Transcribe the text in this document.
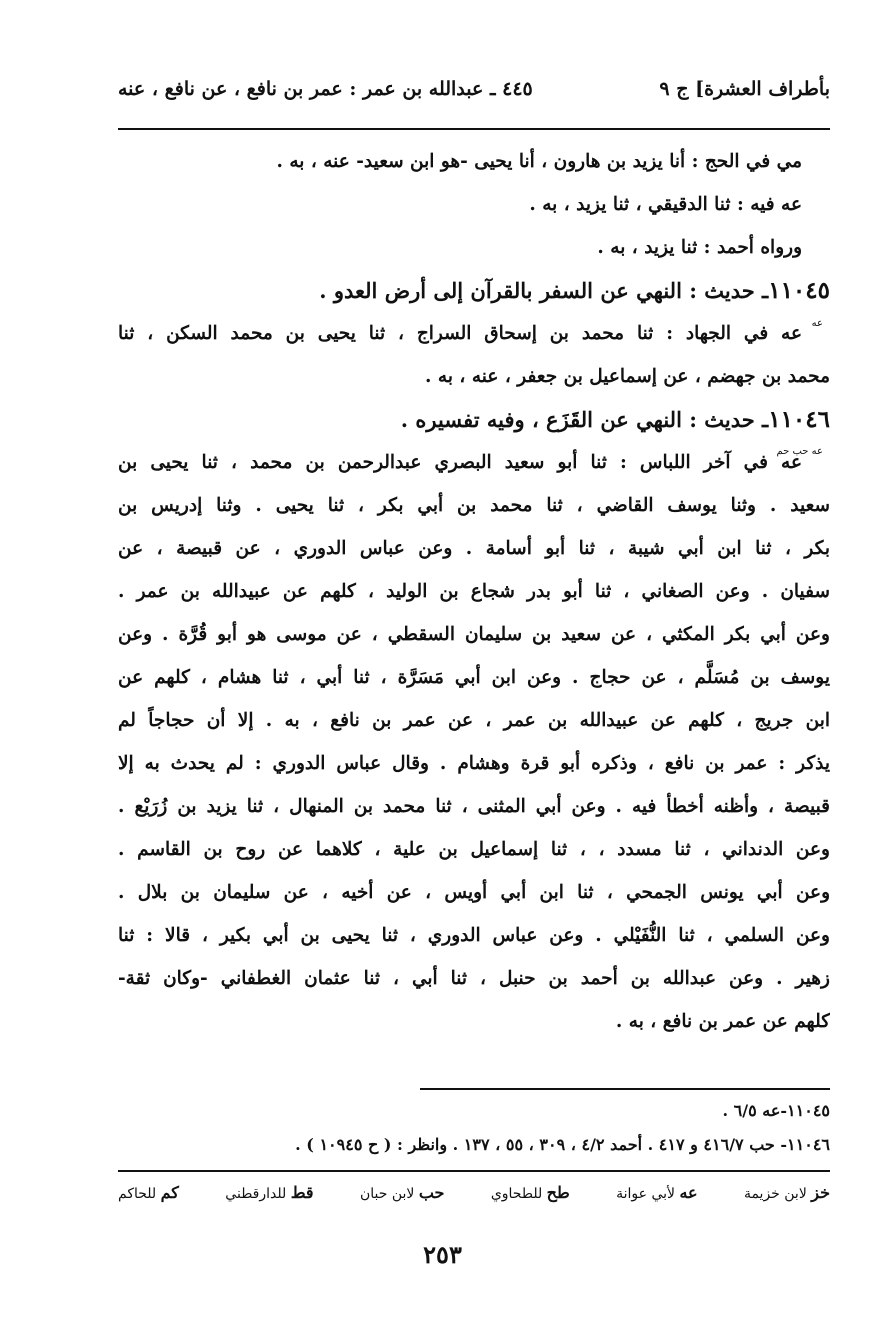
بأطراف العشرة] ج ٩
٤٤٥ ـ عبدالله بن عمر : عمر بن نافع ، عن نافع ، عنه
مي في الحج : أنا يزيد بن هارون ، أنا يحيى -هو ابن سعيد- عنه ، به .
عه فيه : ثنا الدقيقي ، ثنا يزيد ، به .
ورواه أحمد : ثنا يزيد ، به .
١١٠٤٥ـ حديث : النهي عن السفر بالقرآن إلى أرض العدو .
عه في الجهاد : ثنا محمد بن إسحاق السراج ، ثنا يحيى بن محمد السكن ، ثنا
محمد بن جهضم ، عن إسماعيل بن جعفر ، عنه ، به .
١١٠٤٦ـ حديث : النهي عن القَزَع ، وفيه تفسيره .
عه في آخر اللباس : ثنا أبو سعيد البصري عبدالرحمن بن محمد ، ثنا يحيى بن
سعيد . وثنا يوسف القاضي ، ثنا محمد بن أبي بكر ، ثنا يحيى . وثنا إدريس بن
بكر ، ثنا ابن أبي شيبة ، ثنا أبو أسامة . وعن عباس الدوري ، عن قبيصة ، عن
سفيان . وعن الصغاني ، ثنا أبو بدر شجاع بن الوليد ، كلهم عن عبيدالله بن عمر .
وعن أبي بكر المكثي ، عن سعيد بن سليمان السقطي ، عن موسى هو أبو قُرَّة . وعن
يوسف بن مُسَلَّم ، عن حجاج . وعن ابن أبي مَسَرَّة ، ثنا أبي ، ثنا هشام ، كلهم عن
ابن جريج ، كلهم عن عبيدالله بن عمر ، عن عمر بن نافع ، به . إلا أن حجاجاً لم
يذكر : عمر بن نافع ، وذكره أبو قرة وهشام . وقال عباس الدوري : لم يحدث به إلا
قبيصة ، وأظنه أخطأ فيه . وعن أبي المثنى ، ثنا محمد بن المنهال ، ثنا يزيد بن زُرَيْع .
وعن الدنداني ، ثنا مسدد ، ، ثنا إسماعيل بن علية ، كلاهما عن روح بن القاسم .
وعن أبي يونس الجمحي ، ثنا ابن أبي أويس ، عن أخيه ، عن سليمان بن بلال .
وعن السلمي ، ثنا النُّفَيْلي . وعن عباس الدوري ، ثنا يحيى بن أبي بكير ، قالا : ثنا
زهير . وعن عبدالله بن أحمد بن حنبل ، ثنا أبي ، ثنا عثمان الغطفاني -وكان ثقة-
كلهم عن عمر بن نافع ، به .
عه
عه حب حم
١١٠٤٥-عه ٦/٥ .
١١٠٤٦- حب ٤١٦/٧ و ٤١٧ . أحمد ٤/٢ ، ٣٠٩ ، ٥٥ ، ١٣٧ . وانظر : ( ح ١٠٩٤٥ ) .
خز لابن خزيمة
عه لأبي عوانة
طح للطحاوي
حب لابن حبان
قط للدارقطني
كم للحاكم
٢٥٣
